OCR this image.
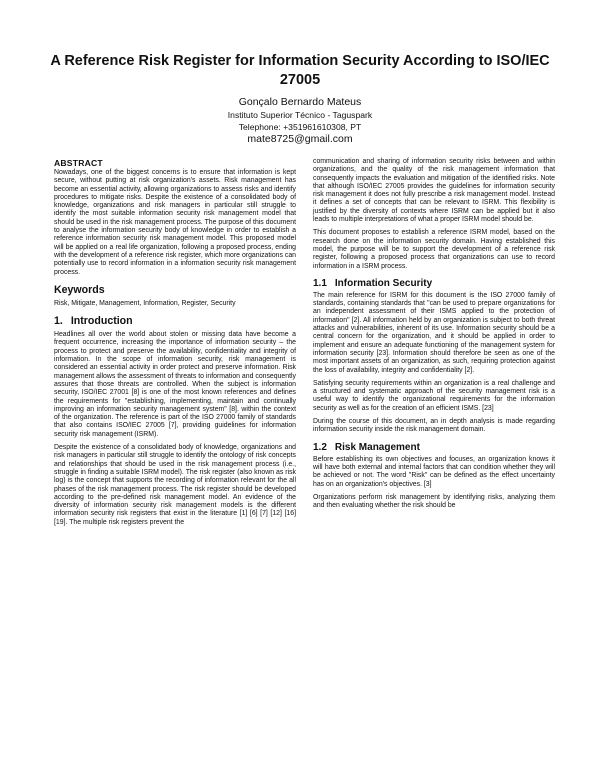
A Reference Risk Register for Information Security According to ISO/IEC 27005
Gonçalo Bernardo Mateus
Instituto Superior Técnico - Taguspark
Telephone: +351961610308, PT
mate8725@gmail.com
ABSTRACT

Nowadays, one of the biggest concerns is to ensure that information is kept secure, without putting at risk organization's assets. Risk management has become an essential activity, allowing organizations to assess risks and identify procedures to mitigate risks. Despite the existence of a consolidated body of knowledge, organizations and risk managers in particular still struggle to identify the most suitable information security risk management model that should be used in the risk management process. The purpose of this document to analyse the information security body of knowledge in order to establish a reference information security risk management model. This proposed model will be applied on a real life organization, following a proposed process, ending with the development of a reference risk register, which more organizations can potentially use to record information in a information security risk management process.

Keywords

Risk, Mitigate, Management, Information, Register, Security

1. Introduction

Headlines all over the world about stolen or missing data have become a frequent occurrence, increasing the importance of information security – the process to protect and preserve the availability, confidentiality and integrity of information. In the scope of information security, risk management is considered an essential activity in order protect and preserve information. Risk management allows the assessment of threats to information and consequently assures that those threats are controlled. When the subject is information security, ISO/IEC 27001 [8] is one of the most known references and defines the requirements for "establishing, implementing, maintain and continually improving an information security management system" [8]. within the context of the organization. The reference is part of the ISO 27000 family of standards that also contains ISO/IEC 27005 [7], providing guidelines for information security risk management (ISRM).

Despite the existence of a consolidated body of knowledge, organizations and risk managers in particular still struggle to identify the ontology of risk concepts and relationships that should be used in the risk management process (i.e., struggle in finding a suitable ISRM model). The risk register (also known as risk log) is the concept that supports the recording of information relevant for the all phases of the risk management process. The risk register should be developed according to the pre-defined risk management model. An evidence of the diversity of information security risk management models is the different information security risk registers that exist in the literature [1] [6] [7] [12] [16] [19]. The multiple risk registers prevent the

communication and sharing of information security risks between and within organizations, and the quality of the risk management information that consequently impacts the evaluation and mitigation of the identified risks. Note that although ISO/IEC 27005 provides the guidelines for information security risk management it does not fully prescribe a risk management model. Instead it defines a set of concepts that can be relevant to ISRM. This flexibility is justified by the diversity of contexts where ISRM can be applied but it also leads to multiple interpretations of what a proper ISRM model should be.

This document proposes to establish a reference ISRM model, based on the research done on the information security domain. Having established this model, the purpose will be to support the development of a reference risk register, following a proposed process that organizations can use to record information in a ISRM process.

1.1 Information Security

The main reference for ISRM for this document is the ISO 27000 family of standards, containing standards that "can be used to prepare organizations for an independent assessment of their ISMS applied to the protection of information" [2]. All information held by an organization is subject to both threat attacks and vulnerabilities, inherent of its use. Information security should be a central concern for the organization, and it should be applied in order to implement and ensure an adequate functioning of the management system for information security [23]. Information should therefore be seen as one of the most important assets of an organization, as such, requiring protection against the loss of availability, integrity and confidentiality [2].

Satisfying security requirements within an organization is a real challenge and a structured and systematic approach of the security management risk is a useful way to identify the organizational requirements for the information security as well as for the creation of an efficient ISMS. [23]

During the course of this document, an in depth analysis is made regarding information security inside the risk management domain.

1.2 Risk Management

Before establishing its own objectives and focuses, an organization knows it will have both external and internal factors that can condition whether they will be achieved or not. The word "Risk" can be defined as the effect uncertainty has on an organization's objectives. [3]

Organizations perform risk management by identifying risks, analyzing them and then evaluating whether the risk should be
